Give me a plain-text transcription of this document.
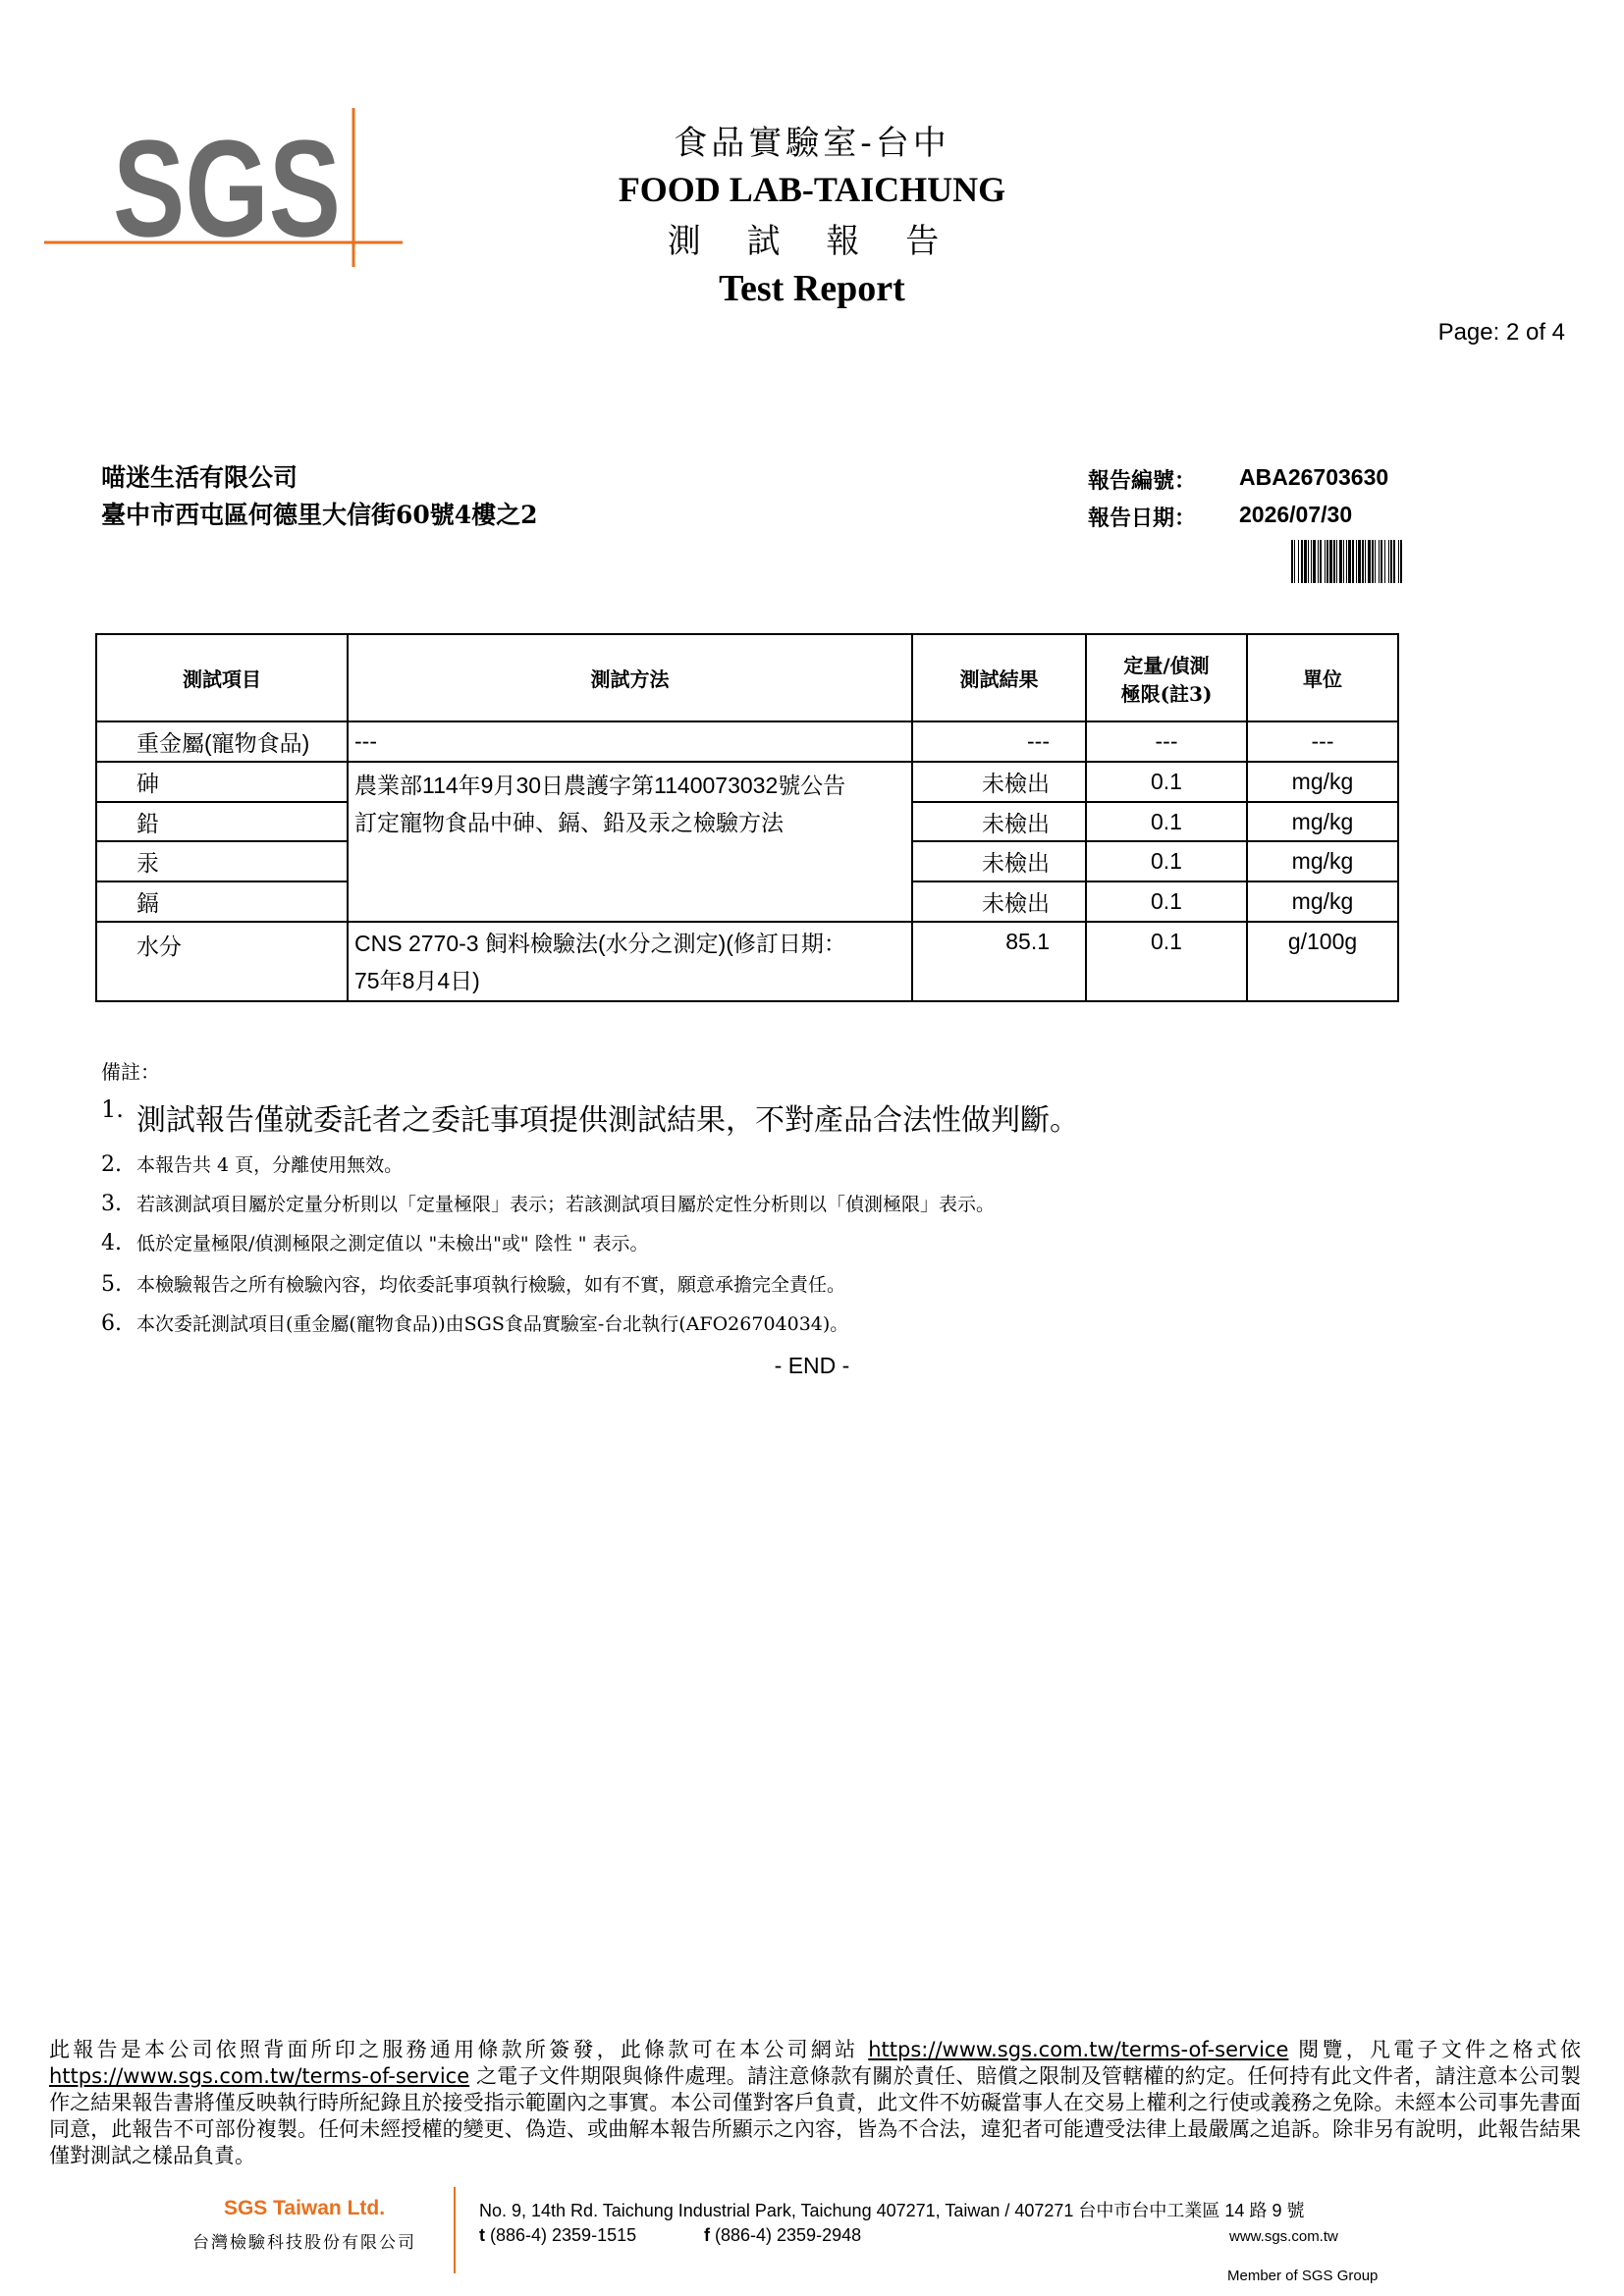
SGS	食品實驗室-台中
FOOD LAB-TAICHUNG
測 試 報 告
Test Report
Page: 2 of 4
喵迷生活有限公司
臺中市西屯區何德里大信街60號4樓之2
報告編號： ABA26703630
報告日期： 2026/07/30
測試項目	測試方法	測試結果	定量/偵測
極限(註3)	單位
重金屬(寵物食品)	---	---	---	---
砷	農業部114年9月30日農護字第1140073032號公告
訂定寵物食品中砷、鎘、鉛及汞之檢驗方法	未檢出	0.1	mg/kg
鉛		未檢出	0.1	mg/kg
汞		未檢出	0.1	mg/kg
鎘		未檢出	0.1	mg/kg
水分	CNS 2770-3 飼料檢驗法(水分之測定)(修訂日期：
75年8月4日)	85.1	0.1	g/100g
備註：
1. 測試報告僅就委託者之委託事項提供測試結果，不對產品合法性做判斷。
2. 本報告共 4 頁，分離使用無效。
3. 若該測試項目屬於定量分析則以「定量極限」表示；若該測試項目屬於定性分析則以「偵測極限」表示。
4. 低於定量極限/偵測極限之測定值以 "未檢出"或" 陰性 " 表示。
5. 本檢驗報告之所有檢驗內容，均依委託事項執行檢驗，如有不實，願意承擔完全責任。
6. 本次委託測試項目(重金屬(寵物食品))由SGS食品實驗室-台北執行(AFO26704034)。
- END -
此報告是本公司依照背面所印之服務通用條款所簽發，此條款可在本公司網站 https://www.sgs.com.tw/terms-of-service 閱覽，凡電子文件之格式依https://www.sgs.com.tw/terms-of-service 之電子文件期限與條件處理。請注意條款有關於責任、賠償之限制及管轄權的約定。任何持有此文件者，請注意本公司製作之結果報告書將僅反映執行時所紀錄且於接受指示範圍內之事實。本公司僅對客戶負責，此文件不妨礙當事人在交易上權利之行使或義務之免除。未經本公司事先書面同意，此報告不可部份複製。任何未經授權的變更、偽造、或曲解本報告所顯示之內容，皆為不合法，違犯者可能遭受法律上最嚴厲之追訴。除非另有說明，此報告結果僅對測試之樣品負責。
SGS Taiwan Ltd.
台灣檢驗科技股份有限公司
No. 9, 14th Rd. Taichung Industrial Park, Taichung 407271, Taiwan / 407271 台中市台中工業區 14 路 9 號
t (886-4) 2359-1515	f (886-4) 2359-2948	www.sgs.com.tw
Member of SGS Group
